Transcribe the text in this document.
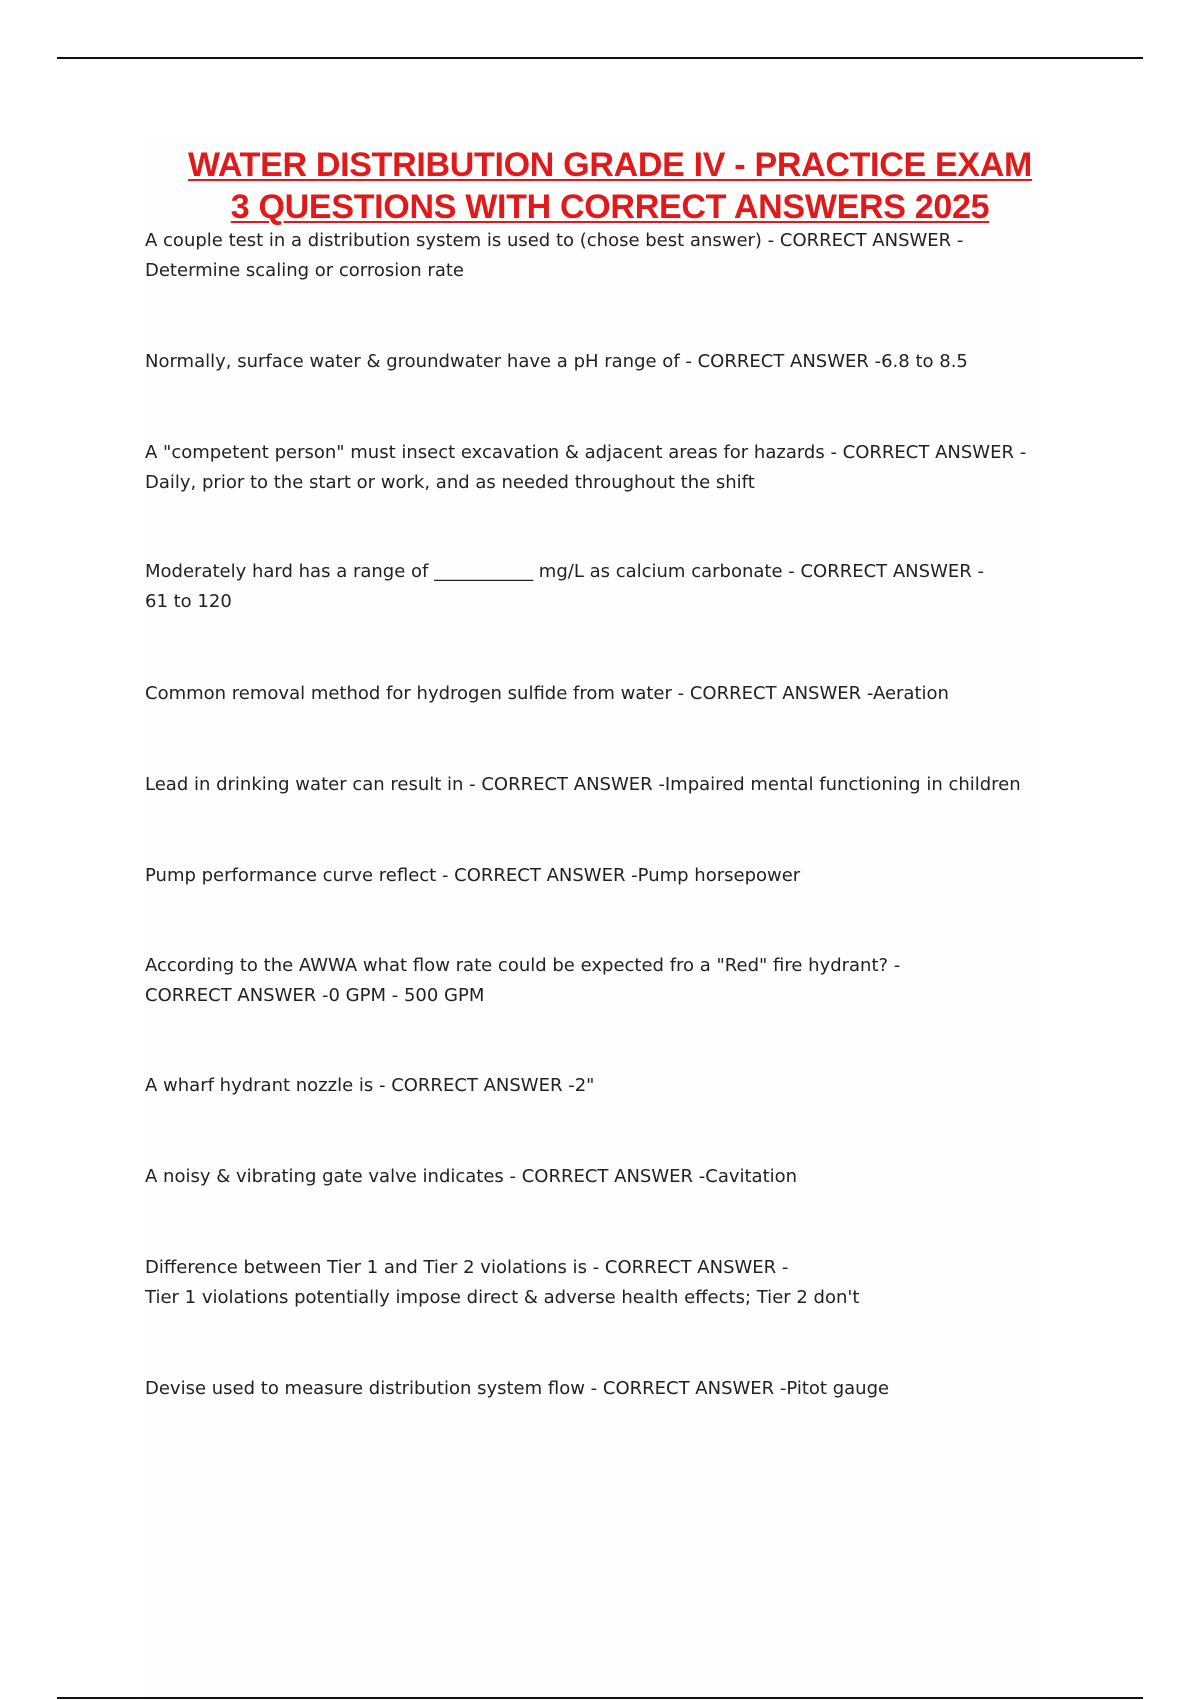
WATER DISTRIBUTION GRADE IV - PRACTICE EXAM
3 QUESTIONS WITH CORRECT ANSWERS 2025

A couple test in a distribution system is used to (chose best answer) - CORRECT ANSWER -
Determine scaling or corrosion rate

Normally, surface water & groundwater have a pH range of - CORRECT ANSWER -6.8 to 8.5

A "competent person" must insect excavation & adjacent areas for hazards - CORRECT ANSWER -
Daily, prior to the start or work, and as needed throughout the shift

Moderately hard has a range of ___________ mg/L as calcium carbonate - CORRECT ANSWER -
61 to 120

Common removal method for hydrogen sulfide from water - CORRECT ANSWER -Aeration

Lead in drinking water can result in - CORRECT ANSWER -Impaired mental functioning in children

Pump performance curve reflect - CORRECT ANSWER -Pump horsepower

According to the AWWA what flow rate could be expected fro a "Red" fire hydrant? -
CORRECT ANSWER -0 GPM - 500 GPM

A wharf hydrant nozzle is - CORRECT ANSWER -2"

A noisy & vibrating gate valve indicates - CORRECT ANSWER -Cavitation

Difference between Tier 1 and Tier 2 violations is - CORRECT ANSWER -
Tier 1 violations potentially impose direct & adverse health effects; Tier 2 don't

Devise used to measure distribution system flow - CORRECT ANSWER -Pitot gauge
